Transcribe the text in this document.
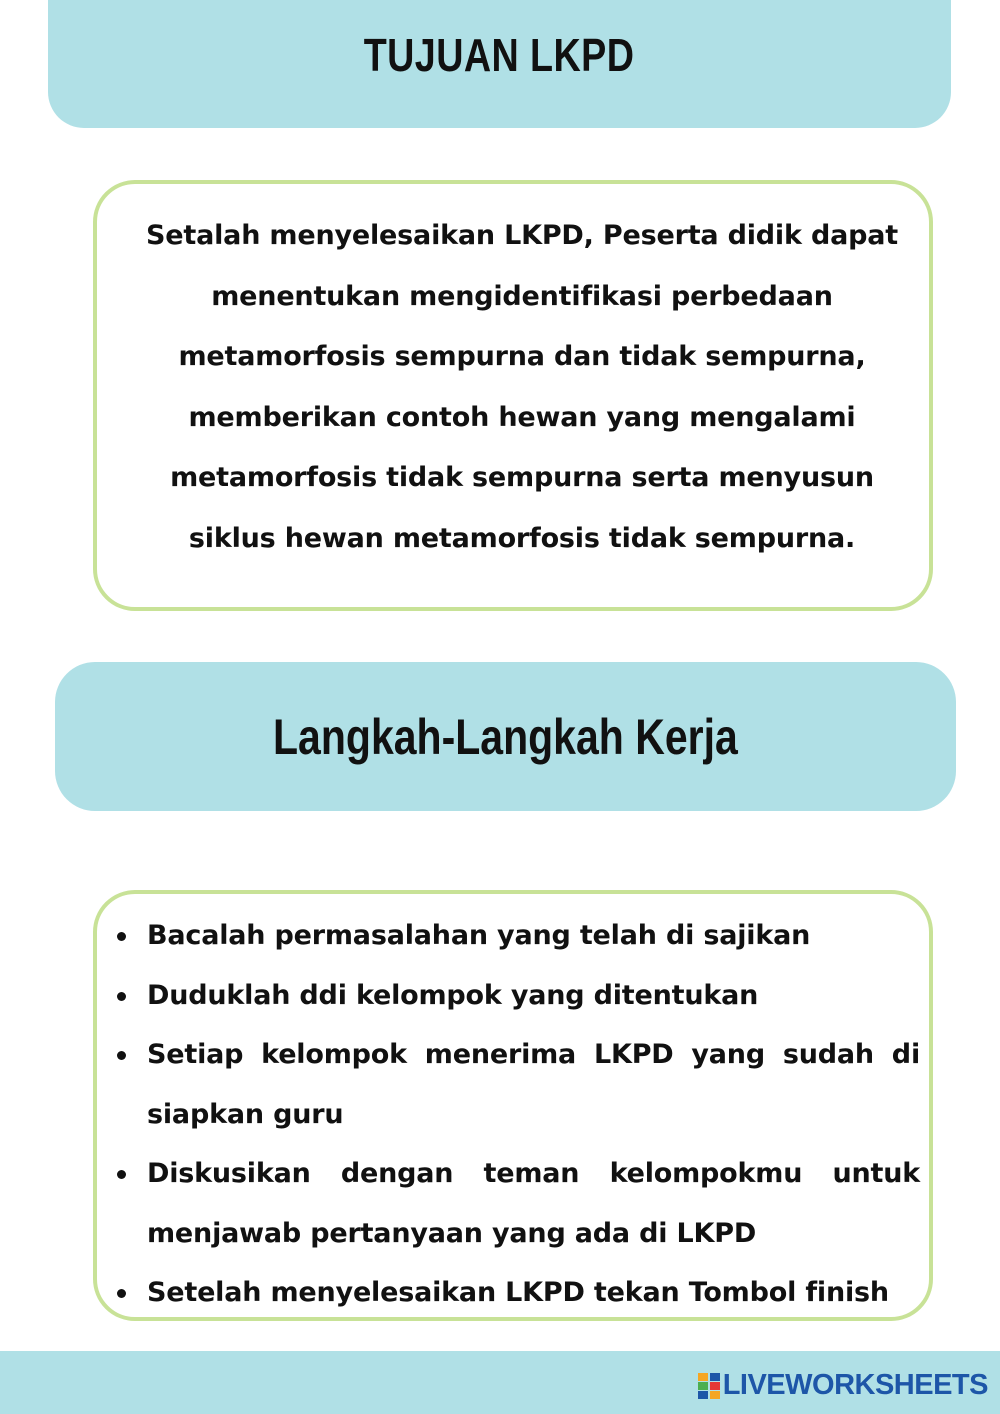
TUJUAN LKPD

Setalah menyelesaikan LKPD, Peserta didik dapat menentukan mengidentifikasi perbedaan metamorfosis sempurna dan tidak sempurna, memberikan contoh hewan yang mengalami metamorfosis tidak sempurna serta menyusun siklus hewan metamorfosis tidak sempurna.

Langkah-Langkah Kerja
Bacalah permasalahan yang telah di sajikan
Duduklah ddi kelompok yang ditentukan
Setiap kelompok menerima LKPD yang sudah di siapkan guru
Diskusikan dengan teman kelompokmu untuk menjawab pertanyaan yang ada di LKPD
Setelah menyelesaikan LKPD tekan Tombol finish
LIVEWORKSHEETS
